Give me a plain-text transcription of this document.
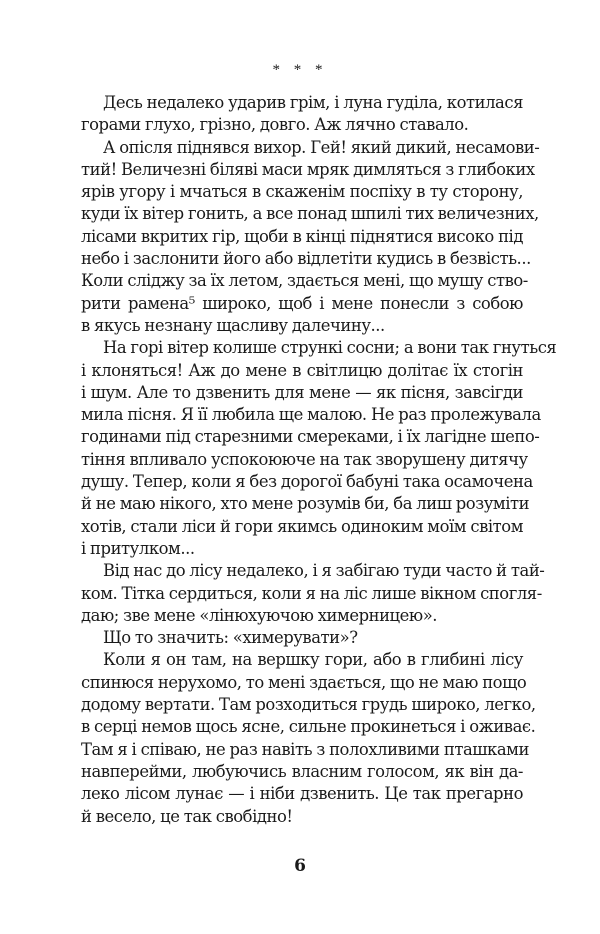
* * *
Десь недалеко ударив грім, і луна гуділа, котилася
горами глухо, грізно, довго. Аж лячно ставало.
А опісля піднявся вихор. Гей! який дикий, несамови-
тий! Величезні біляві маси мряк димляться з глибоких
ярів угору і мчаться в скаженім поспіху в ту сторону,
куди їх вітер гонить, а все понад шпилі тих величезних,
лісами вкритих гір, щоби в кінці піднятися високо під
небо і заслонити його або відлетіти кудись в безвість...
Коли сліджу за їх летом, здається мені, що мушу ство-
рити рамена⁵ широко, щоб і мене понесли з собою
в якусь незнану щасливу далечину...
На горі вітер колише стрункі сосни; а вони так гнуться
і клоняться! Аж до мене в світлицю долітає їх стогін
і шум. Але то дзвенить для мене — як пісня, завсігди
мила пісня. Я її любила ще малою. Не раз пролежувала
годинами під старезними смереками, і їх лагідне шепо-
тіння впливало успокоююче на так зворушену дитячу
душу. Тепер, коли я без дорогої бабуні така осамочена
й не маю нікого, хто мене розумів би, ба лиш розуміти
хотів, стали ліси й гори якимсь одиноким моїм світом
і притулком...
Від нас до лісу недалеко, і я забігаю туди часто й тай-
ком. Тітка сердиться, коли я на ліс лише вікном спогля-
даю; зве мене «лінюхуючою химерницею».
Що то значить: «химерувати»?
Коли я он там, на вершку гори, або в глибині лісу
спинюся нерухомо, то мені здається, що не маю пощо
додому вертати. Там розходиться грудь широко, легко,
в серці немов щось ясне, сильне прокинеться і оживає.
Там я і співаю, не раз навіть з полохливими пташками
навперейми, любуючись власним голосом, як він да-
леко лісом лунає — і ніби дзвенить. Це так прегарно
й весело, це так свобідно!
6
